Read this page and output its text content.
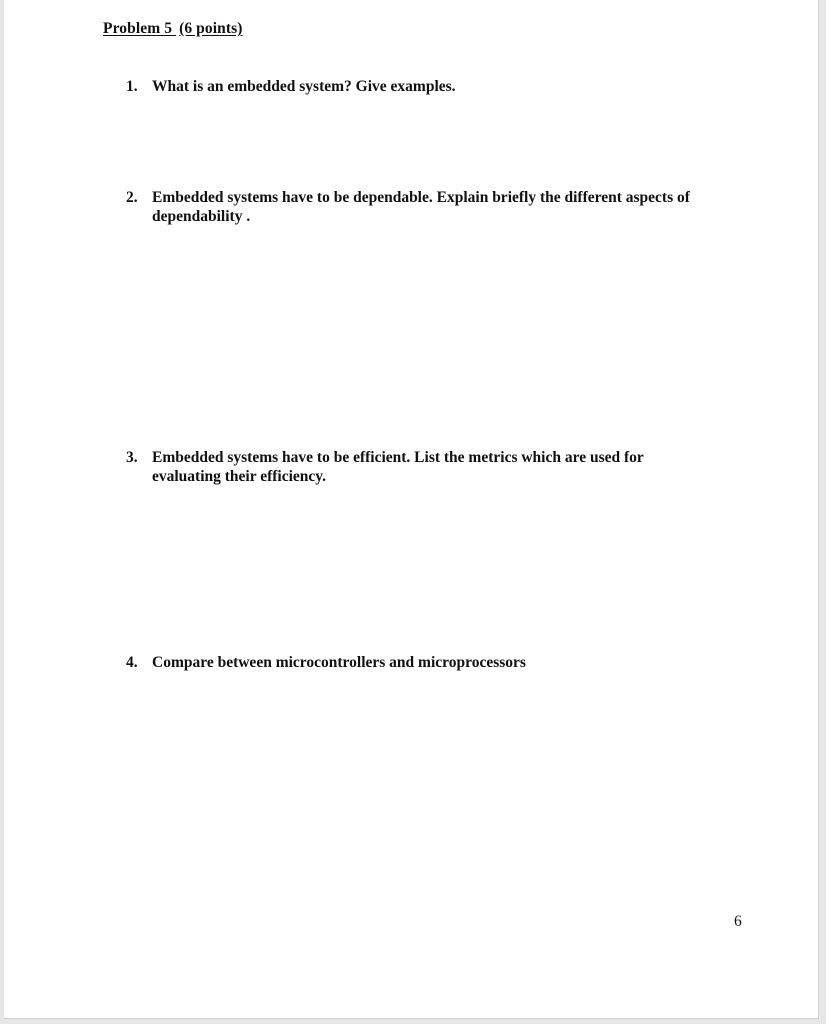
Problem 5 (6 points)
1. What is an embedded system? Give examples.
2. Embedded systems have to be dependable. Explain briefly the different aspects of dependability .
3. Embedded systems have to be efficient. List the metrics which are used for evaluating their efficiency.
4. Compare between microcontrollers and microprocessors
6
